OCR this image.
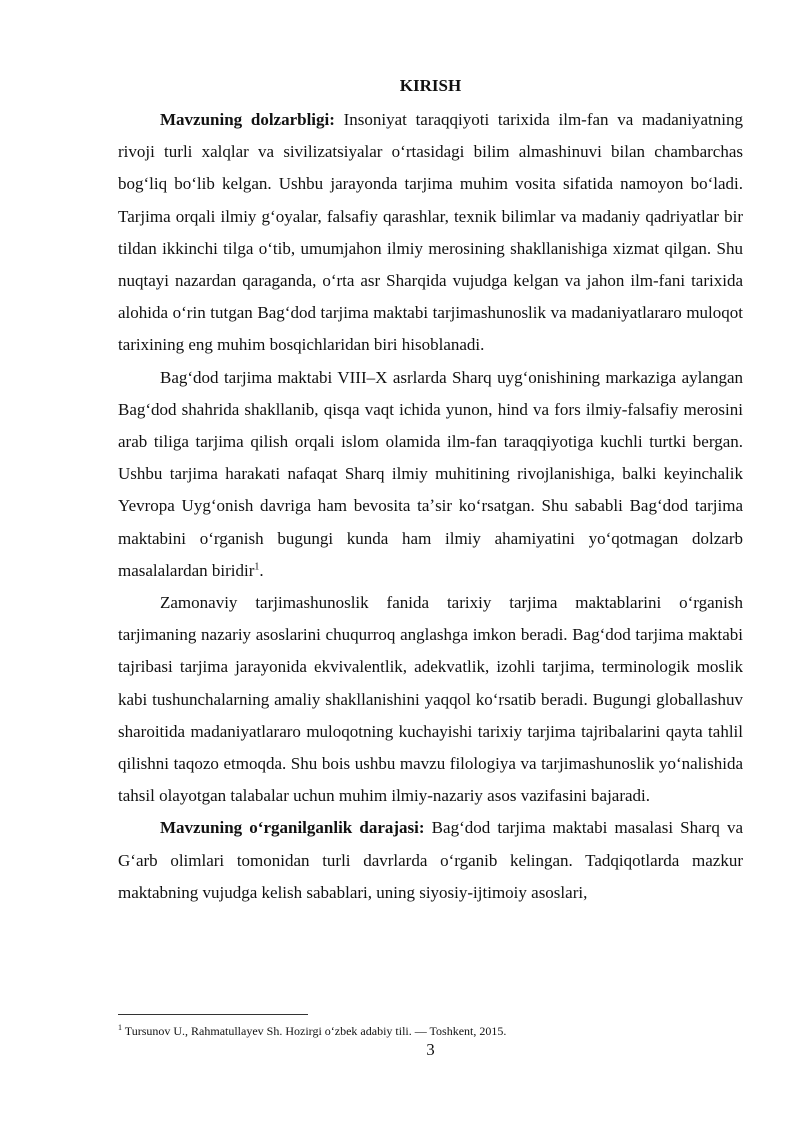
KIRISH

Mavzuning dolzarbligi: Insoniyat taraqqiyoti tarixida ilm-fan va madaniyatning rivoji turli xalqlar va sivilizatsiyalar oʻrtasidagi bilim almashinuvi bilan chambarchas bogʻliq boʻlib kelgan. Ushbu jarayonda tarjima muhim vosita sifatida namoyon boʻladi. Tarjima orqali ilmiy gʻoyalar, falsafiy qarashlar, texnik bilimlar va madaniy qadriyatlar bir tildan ikkinchi tilga oʻtib, umumjahon ilmiy merosining shakllanishiga xizmat qilgan. Shu nuqtayi nazardan qaraganda, oʻrta asr Sharqida vujudga kelgan va jahon ilm-fani tarixida alohida oʻrin tutgan Bagʻdod tarjima maktabi tarjimashunoslik va madaniyatlararo muloqot tarixining eng muhim bosqichlaridan biri hisoblanadi.

Bagʻdod tarjima maktabi VIII–X asrlarda Sharq uygʻonishining markaziga aylangan Bagʻdod shahrida shakllanib, qisqa vaqt ichida yunon, hind va fors ilmiy-falsafiy merosini arab tiliga tarjima qilish orqali islom olamida ilm-fan taraqqiyotiga kuchli turtki bergan. Ushbu tarjima harakati nafaqat Sharq ilmiy muhitining rivojlanishiga, balki keyinchalik Yevropa Uygʻonish davriga ham bevosita taʼsir koʻrsatgan. Shu sababli Bagʻdod tarjima maktabini oʻrganish bugungi kunda ham ilmiy ahamiyatini yoʻqotmagan dolzarb masalalardan biridir$^1$.

Zamonaviy tarjimashunoslik fanida tarixiy tarjima maktablarini oʻrganish tarjimaning nazariy asoslarini chuqurroq anglashga imkon beradi. Bagʻdod tarjima maktabi tajribasi tarjima jarayonida ekvivalentlik, adekvatlik, izohli tarjima, terminologik moslik kabi tushunchalarning amaliy shakllanishini yaqqol koʻrsatib beradi. Bugungi globallashuv sharoitida madaniyatlararo muloqotning kuchayishi tarixiy tarjima tajribalarini qayta tahlil qilishni taqozo etmoqda. Shu bois ushbu mavzu filologiya va tarjimashunoslik yoʻnalishida tahsil olayotgan talabalar uchun muhim ilmiy-nazariy asos vazifasini bajaradi.

Mavzuning oʻrganilganlik darajasi: Bagʻdod tarjima maktabi masalasi Sharq va Gʻarb olimlari tomonidan turli davrlarda oʻrganib kelingan. Tadqiqotlarda mazkur maktabning vujudga kelish sabablari, uning siyosiy-ijtimoiy asoslari,

$^1$ Tursunov U., Rahmatullayev Sh. Hozirgi oʻzbek adabiy tili. — Toshkent, 2015.
3
